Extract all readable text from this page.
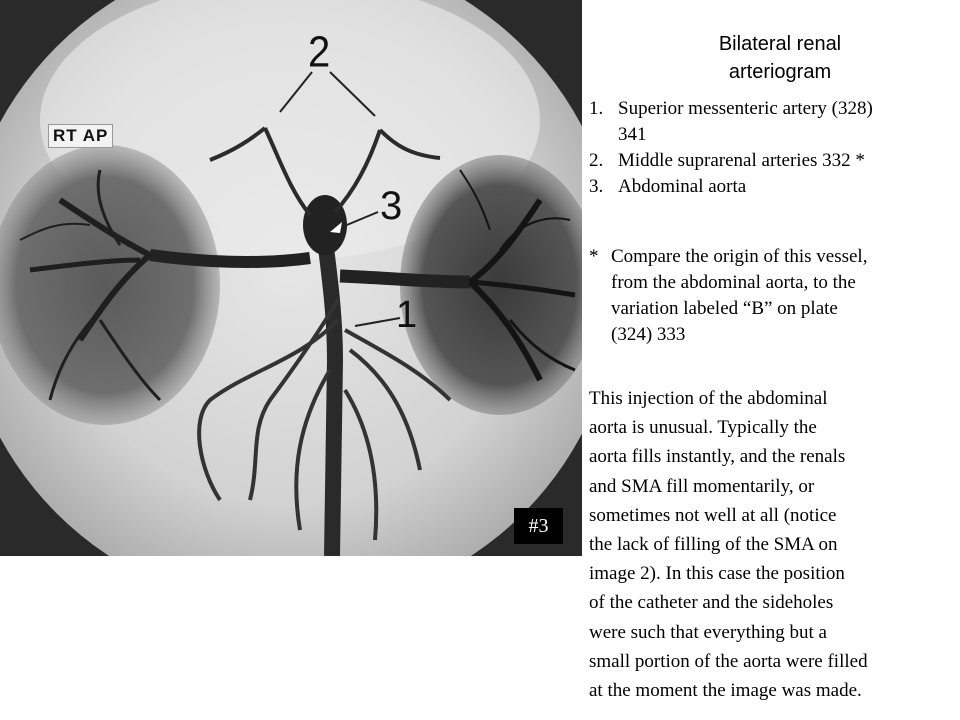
RT AP
2
3
1
#3
Bilateral renal
arteriogram
1. Superior messenteric artery (328)
341
2. Middle suprarenal arteries 332 *
3. Abdominal aorta
* Compare the origin of this vessel,
from the abdominal aorta, to the
variation labeled “B” on plate
(324) 333
This injection of the abdominal
aorta is unusual. Typically the
aorta fills instantly, and the renals
and SMA fill momentarily, or
sometimes not well at all (notice
the lack of filling of the SMA on
image 2). In this case the position
of the catheter and the sideholes
were such that everything but a
small portion of the aorta were filled
at the moment the image was made.
